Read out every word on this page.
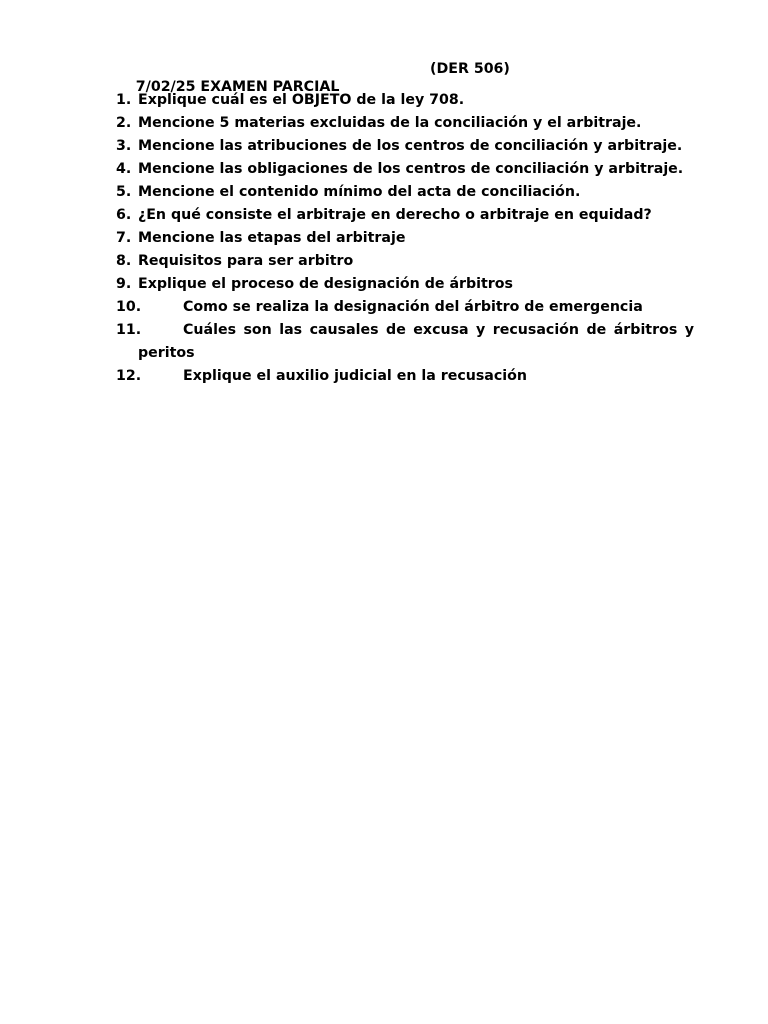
7/02/25 EXAMEN PARCIAL

(DER 506)

1. Explique cuál es el OBJETO de la ley 708.
2. Mencione 5 materias excluidas de la conciliación y el arbitraje.
3. Mencione las atribuciones de los centros de conciliación y arbitraje.
4. Mencione las obligaciones de los centros de conciliación y arbitraje.
5. Mencione el contenido mínimo del acta de conciliación.
6. ¿En qué consiste el arbitraje en derecho o arbitraje en equidad?
7. Mencione las etapas del arbitraje
8. Requisitos para ser arbitro
9. Explique el proceso de designación de árbitros
10.	Como se realiza la designación del árbitro de emergencia
11.	Cuáles son las causales de excusa y recusación de árbitros y peritos
12.	Explique el auxilio judicial en la recusación
